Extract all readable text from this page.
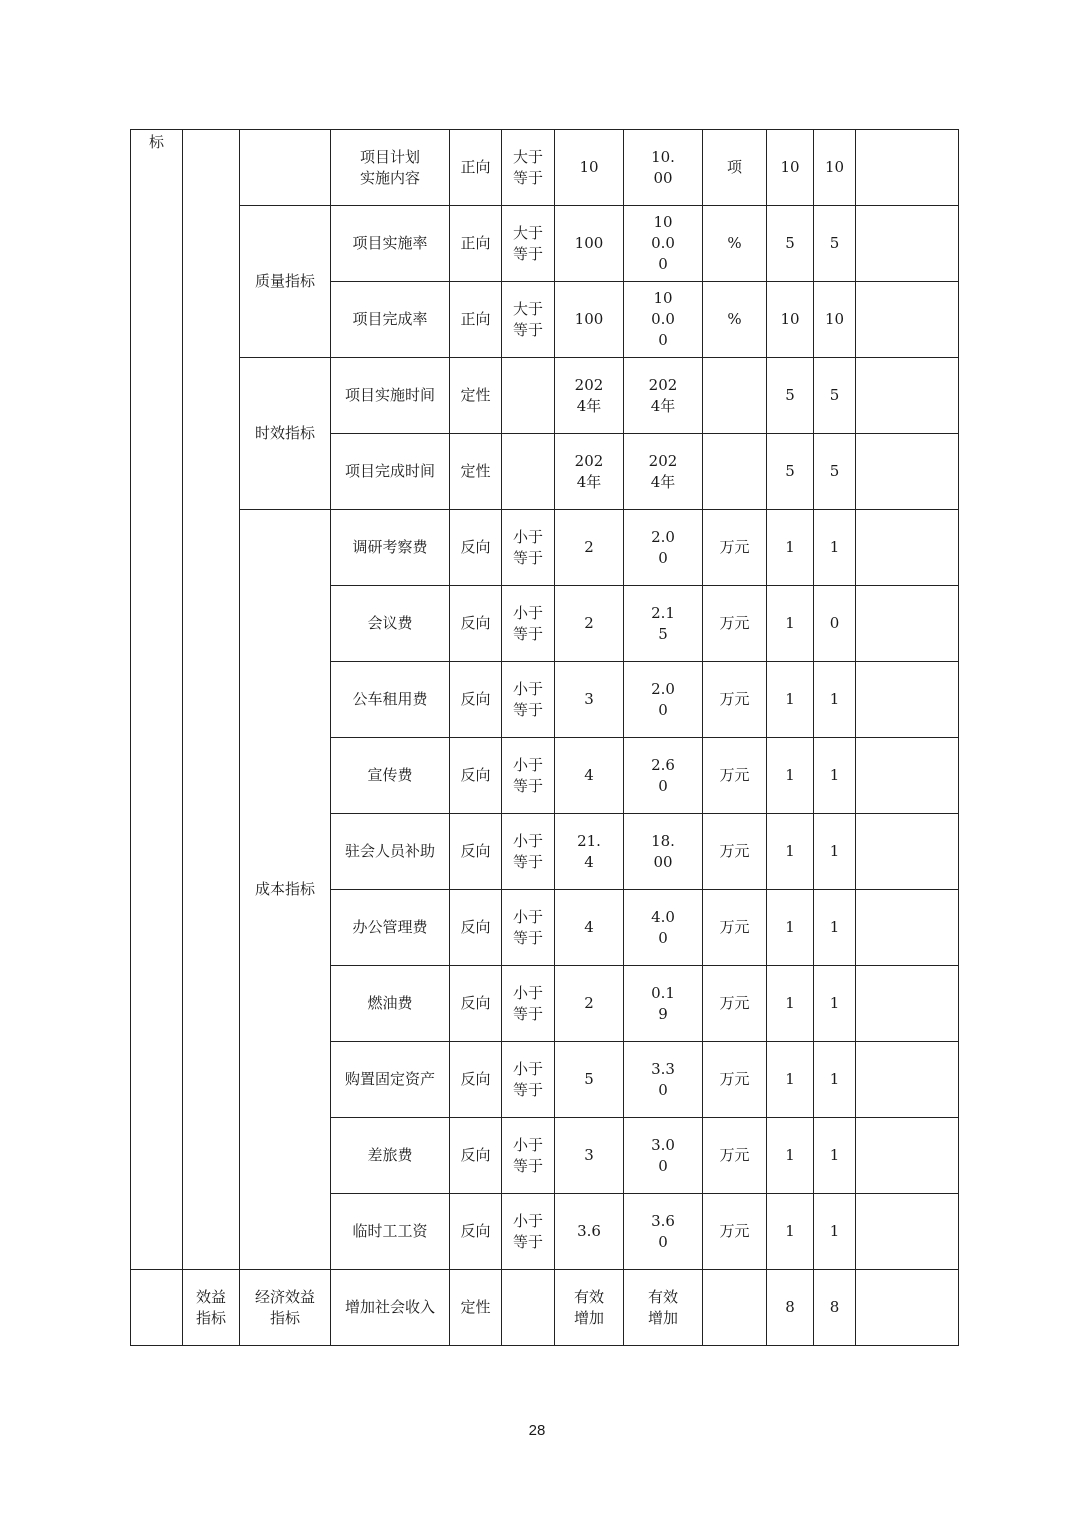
标			项目计划实施内容	正向	大于等于	10	10.00	项	10	10	
		质量指标	项目实施率	正向	大于等于	100	100.00	%	5	5	
			项目完成率	正向	大于等于	100	100.00	%	10	10	
		时效指标	项目实施时间	定性		2024年	2024年		5	5	
			项目完成时间	定性		2024年	2024年		5	5	
		成本指标	调研考察费	反向	小于等于	2	2.00	万元	1	1	
			会议费	反向	小于等于	2	2.15	万元	1	0	
			公车租用费	反向	小于等于	3	2.00	万元	1	1	
			宣传费	反向	小于等于	4	2.60	万元	1	1	
			驻会人员补助	反向	小于等于	21.4	18.00	万元	1	1	
			办公管理费	反向	小于等于	4	4.00	万元	1	1	
			燃油费	反向	小于等于	2	0.19	万元	1	1	
			购置固定资产	反向	小于等于	5	3.30	万元	1	1	
			差旅费	反向	小于等于	3	3.00	万元	1	1	
			临时工工资	反向	小于等于	3.6	3.60	万元	1	1	
	效益指标	经济效益指标	增加社会收入	定性		有效增加	有效增加		8	8	
28
